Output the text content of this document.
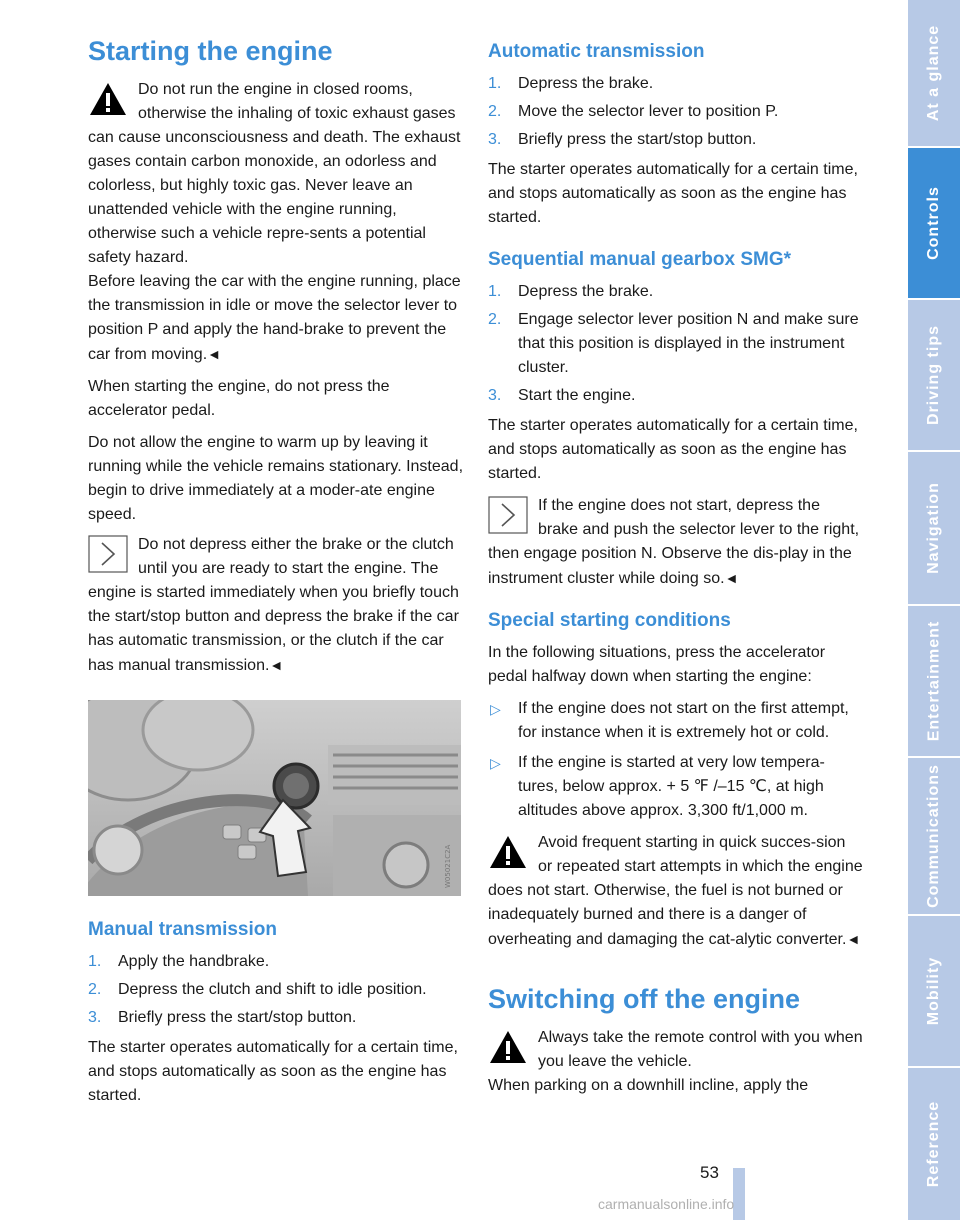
Starting the engine
Do not run the engine in closed rooms, otherwise the inhaling of toxic exhaust gases can cause unconsciousness and death. The exhaust gases contain carbon monoxide, an odorless and colorless, but highly toxic gas. Never leave an unattended vehicle with the engine running, otherwise such a vehicle repre-sents a potential safety hazard.
Before leaving the car with the engine running, place the transmission in idle or move the selector lever to position P and apply the hand-brake to prevent the car from moving.◄

When starting the engine, do not press the accelerator pedal.

Do not allow the engine to warm up by leaving it running while the vehicle remains stationary. Instead, begin to drive immediately at a moder-ate engine speed.

Do not depress either the brake or the clutch until you are ready to start the engine. The engine is started immediately when you briefly touch the start/stop button and depress the brake if the car has automatic transmission, or the clutch if the car has manual transmission.◄
W05021C2A
Manual transmission
1. Apply the handbrake.
2. Depress the clutch and shift to idle position.
3. Briefly press the start/stop button.

The starter operates automatically for a certain time, and stops automatically as soon as the engine has started.

Automatic transmission
1. Depress the brake.
2. Move the selector lever to position P.
3. Briefly press the start/stop button.

The starter operates automatically for a certain time, and stops automatically as soon as the engine has started.

Sequential manual gearbox SMG*
1. Depress the brake.
2. Engage selector lever position N and make sure that this position is displayed in the instrument cluster.
3. Start the engine.

The starter operates automatically for a certain time, and stops automatically as soon as the engine has started.

If the engine does not start, depress the brake and push the selector lever to the right, then engage position N. Observe the dis-play in the instrument cluster while doing so.◄
Special starting conditions

In the following situations, press the accelerator pedal halfway down when starting the engine:

▷ If the engine does not start on the first attempt, for instance when it is extremely hot or cold.
▷ If the engine is started at very low tempera-tures, below approx. + 5 ℉ /–15 ℃, at high altitudes above approx. 3,300 ft/1,000 m.
Avoid frequent starting in quick succes-sion or repeated start attempts in which the engine does not start. Otherwise, the fuel is not burned or inadequately burned and there is a danger of overheating and damaging the cat-alytic converter.◄
Switching off the engine
Always take the remote control with you when you leave the vehicle.
When parking on a downhill incline, apply the
At a glance
Controls
Driving tips
Navigation
Entertainment
Communications
Mobility
Reference
53
carmanualsonline.info
